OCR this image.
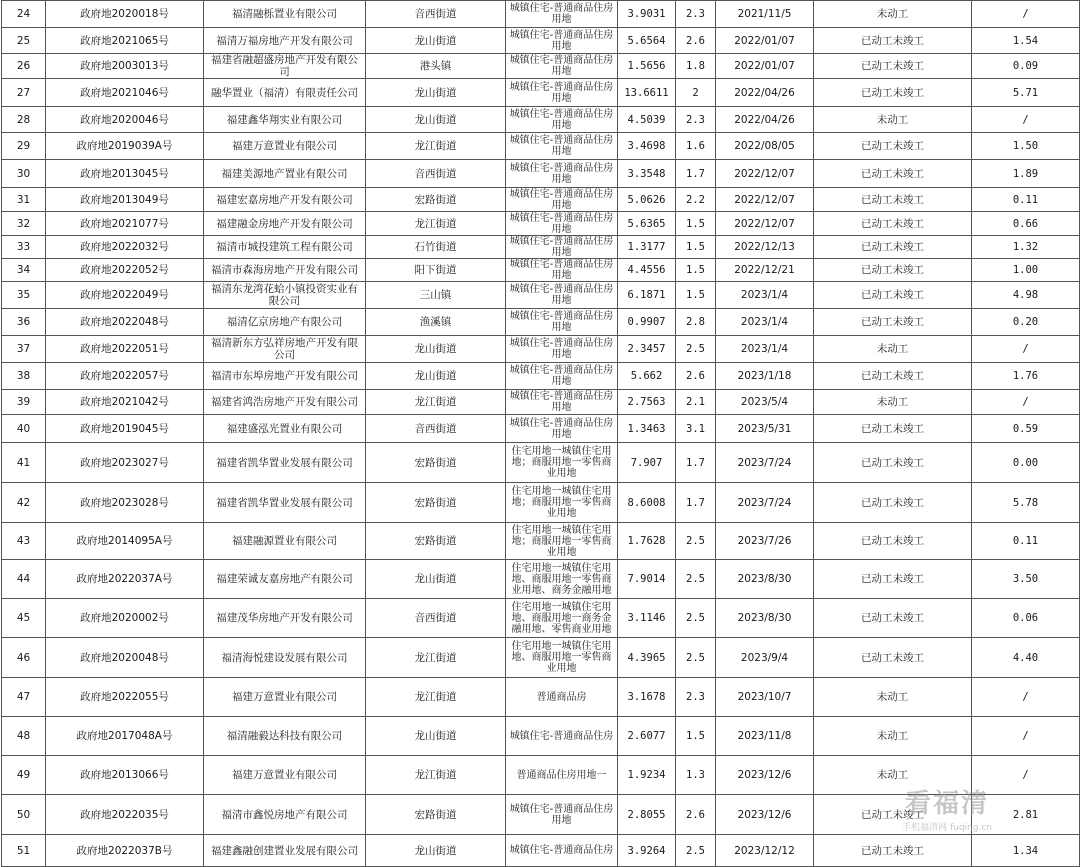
24	政府地2020018号	福清融栎置业有限公司	音西街道	城镇住宅-普通商品住房用地	3.9031	2.3	2021/11/5	未动工	/
25	政府地2021065号	福清万福房地产开发有限公司	龙山街道	城镇住宅-普通商品住房用地	5.6564	2.6	2022/01/07	已动工未竣工	1.54
26	政府地2003013号	福建省融超盛房地产开发有限公司	港头镇	城镇住宅-普通商品住房用地	1.5656	1.8	2022/01/07	已动工未竣工	0.09
27	政府地2021046号	融华置业（福清）有限责任公司	龙山街道	城镇住宅-普通商品住房用地	13.6611	2	2022/04/26	已动工未竣工	5.71
28	政府地2020046号	福建鑫华翔实业有限公司	龙山街道	城镇住宅-普通商品住房用地	4.5039	2.3	2022/04/26	未动工	/
29	政府地2019039A号	福建万意置业有限公司	龙江街道	城镇住宅-普通商品住房用地	3.4698	1.6	2022/08/05	已动工未竣工	1.50
30	政府地2013045号	福建美源地产置业有限公司	音西街道	城镇住宅-普通商品住房用地	3.3548	1.7	2022/12/07	已动工未竣工	1.89
31	政府地2013049号	福建宏嘉房地产开发有限公司	宏路街道	城镇住宅-普通商品住房用地	5.0626	2.2	2022/12/07	已动工未竣工	0.11
32	政府地2021077号	福建融金房地产开发有限公司	龙江街道	城镇住宅-普通商品住房用地	5.6365	1.5	2022/12/07	已动工未竣工	0.66
33	政府地2022032号	福清市城投建筑工程有限公司	石竹街道	城镇住宅-普通商品住房用地	1.3177	1.5	2022/12/13	已动工未竣工	1.32
34	政府地2022052号	福清市森海房地产开发有限公司	阳下街道	城镇住宅-普通商品住房用地	4.4556	1.5	2022/12/21	已动工未竣工	1.00
35	政府地2022049号	福清东龙湾花蛤小镇投资实业有限公司	三山镇	城镇住宅-普通商品住房用地	6.1871	1.5	2023/1/4	已动工未竣工	4.98
36	政府地2022048号	福清亿京房地产有限公司	渔溪镇	城镇住宅-普通商品住房用地	0.9907	2.8	2023/1/4	已动工未竣工	0.20
37	政府地2022051号	福清新东方弘祥房地产开发有限公司	龙山街道	城镇住宅-普通商品住房用地	2.3457	2.5	2023/1/4	未动工	/
38	政府地2022057号	福清市东埠房地产开发有限公司	龙山街道	城镇住宅-普通商品住房用地	5.662	2.6	2023/1/18	已动工未竣工	1.76
39	政府地2021042号	福建省鸿浩房地产开发有限公司	龙江街道	城镇住宅-普通商品住房用地	2.7563	2.1	2023/5/4	未动工	/
40	政府地2019045号	福建盛泓光置业有限公司	音西街道	城镇住宅-普通商品住房用地	1.3463	3.1	2023/5/31	已动工未竣工	0.59
41	政府地2023027号	福建省凯华置业发展有限公司	宏路街道	住宅用地一城镇住宅用地；商服用地一零售商业用地	7.907	1.7	2023/7/24	已动工未竣工	0.00
42	政府地2023028号	福建省凯华置业发展有限公司	宏路街道	住宅用地一城镇住宅用地；商服用地一零售商业用地	8.6008	1.7	2023/7/24	已动工未竣工	5.78
43	政府地2014095A号	福建融源置业有限公司	宏路街道	住宅用地一城镇住宅用地；商服用地一零售商业用地	1.7628	2.5	2023/7/26	已动工未竣工	0.11
44	政府地2022037A号	福建荣诚友嘉房地产有限公司	龙山街道	住宅用地一城镇住宅用地、商服用地一零售商业用地、商务金融用地	7.9014	2.5	2023/8/30	已动工未竣工	3.50
45	政府地2020002号	福建茂华房地产开发有限公司	音西街道	住宅用地一城镇住宅用地、商服用地一商务金融用地、零售商业用地	3.1146	2.5	2023/8/30	已动工未竣工	0.06
46	政府地2020048号	福清海悦建设发展有限公司	龙江街道	住宅用地一城镇住宅用地、商服用地一零售商业用地	4.3965	2.5	2023/9/4	已动工未竣工	4.40
47	政府地2022055号	福建万意置业有限公司	龙江街道	普通商品房	3.1678	2.3	2023/10/7	未动工	/
48	政府地2017048A号	福清融毅达科技有限公司	龙山街道	城镇住宅-普通商品住房	2.6077	1.5	2023/11/8	未动工	/
49	政府地2013066号	福建万意置业有限公司	龙江街道	普通商品住房用地一	1.9234	1.3	2023/12/6	未动工	/
50	政府地2022035号	福清市鑫悦房地产有限公司	宏路街道	城镇住宅-普通商品住房用地	2.8055	2.6	2023/12/6	已动工未竣工	2.81
51	政府地2022037B号	福建鑫融创建置业发展有限公司	龙山街道	城镇住宅-普通商品住房	3.9264	2.5	2023/12/12	已动工未竣工	1.34
看福清
手机福清网 fuqing.cn
